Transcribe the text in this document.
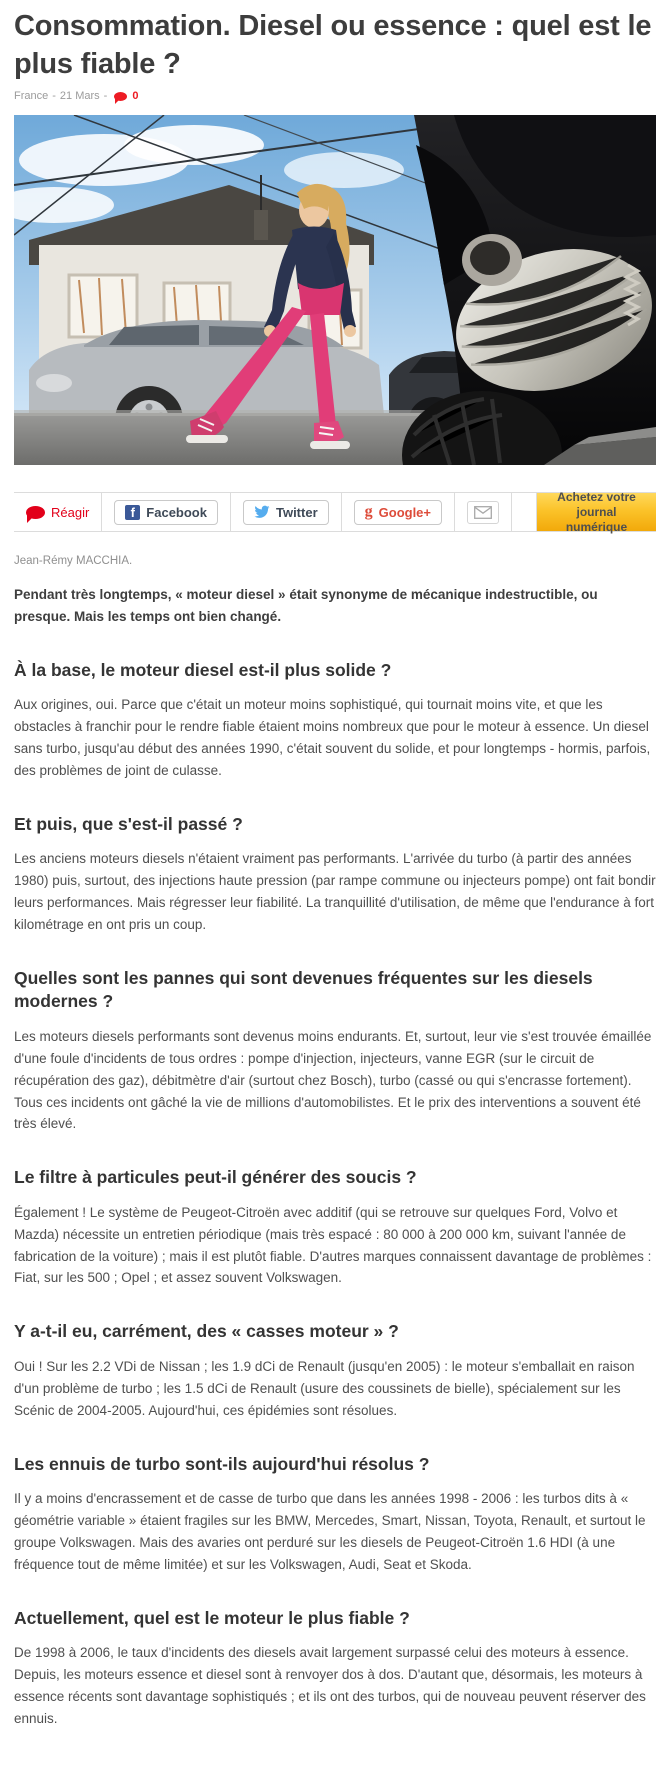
Consommation. Diesel ou essence : quel est le plus fiable ?
France - 21 Mars - 0
Réagir	f Facebook	Twitter	g Google+
Achetez votre journal numérique

Jean-Rémy MACCHIA.

Pendant très longtemps, « moteur diesel » était synonyme de mécanique indestructible, ou presque. Mais les temps ont bien changé.

À la base, le moteur diesel est-il plus solide ?

Aux origines, oui. Parce que c'était un moteur moins sophistiqué, qui tournait moins vite, et que les obstacles à franchir pour le rendre fiable étaient moins nombreux que pour le moteur à essence. Un diesel sans turbo, jusqu'au début des années 1990, c'était souvent du solide, et pour longtemps - hormis, parfois, des problèmes de joint de culasse.

Et puis, que s'est-il passé ?

Les anciens moteurs diesels n'étaient vraiment pas performants. L'arrivée du turbo (à partir des années 1980) puis, surtout, des injections haute pression (par rampe commune ou injecteurs pompe) ont fait bondir leurs performances. Mais régresser leur fiabilité. La tranquillité d'utilisation, de même que l'endurance à fort kilométrage en ont pris un coup.

Quelles sont les pannes qui sont devenues fréquentes sur les diesels modernes ?

Les moteurs diesels performants sont devenus moins endurants. Et, surtout, leur vie s'est trouvée émaillée d'une foule d'incidents de tous ordres : pompe d'injection, injecteurs, vanne EGR (sur le circuit de récupération des gaz), débitmètre d'air (surtout chez Bosch), turbo (cassé ou qui s'encrasse fortement). Tous ces incidents ont gâché la vie de millions d'automobilistes. Et le prix des interventions a souvent été très élevé.

Le filtre à particules peut-il générer des soucis ?

Également ! Le système de Peugeot-Citroën avec additif (qui se retrouve sur quelques Ford, Volvo et Mazda) nécessite un entretien périodique (mais très espacé : 80 000 à 200 000 km, suivant l'année de fabrication de la voiture) ; mais il est plutôt fiable. D'autres marques connaissent davantage de problèmes : Fiat, sur les 500 ; Opel ; et assez souvent Volkswagen.

Y a-t-il eu, carrément, des « casses moteur » ?

Oui ! Sur les 2.2 VDi de Nissan ; les 1.9 dCi de Renault (jusqu'en 2005) : le moteur s'emballait en raison d'un problème de turbo ; les 1.5 dCi de Renault (usure des coussinets de bielle), spécialement sur les Scénic de 2004-2005. Aujourd'hui, ces épidémies sont résolues.

Les ennuis de turbo sont-ils aujourd'hui résolus ?

Il y a moins d'encrassement et de casse de turbo que dans les années 1998 - 2006 : les turbos dits à « géométrie variable » étaient fragiles sur les BMW, Mercedes, Smart, Nissan, Toyota, Renault, et surtout le groupe Volkswagen. Mais des avaries ont perduré sur les diesels de Peugeot-Citroën 1.6 HDI (à une fréquence tout de même limitée) et sur les Volkswagen, Audi, Seat et Skoda.

Actuellement, quel est le moteur le plus fiable ?

De 1998 à 2006, le taux d'incidents des diesels avait largement surpassé celui des moteurs à essence. Depuis, les moteurs essence et diesel sont à renvoyer dos à dos. D'autant que, désormais, les moteurs à essence récents sont davantage sophistiqués ; et ils ont des turbos, qui de nouveau peuvent réserver des ennuis.
